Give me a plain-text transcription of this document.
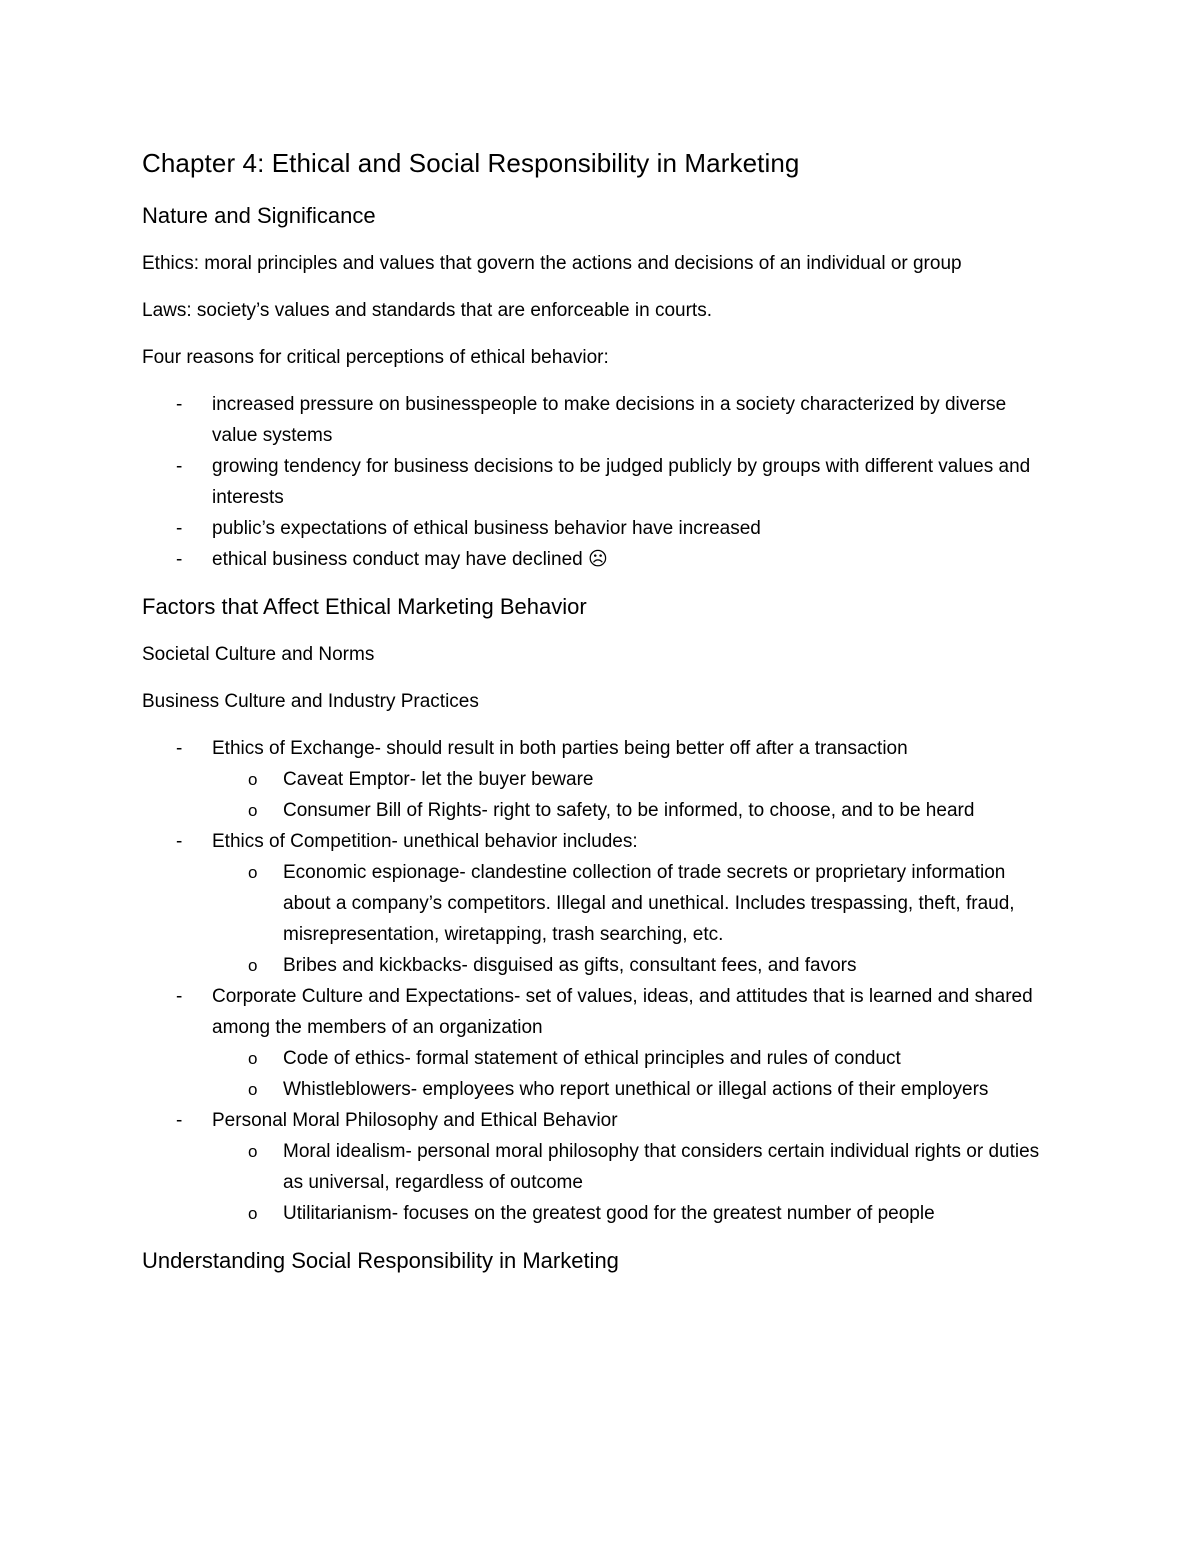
Chapter 4: Ethical and Social Responsibility in Marketing
Nature and Significance

Ethics: moral principles and values that govern the actions and decisions of an individual or group

Laws: society’s values and standards that are enforceable in courts.

Four reasons for critical perceptions of ethical behavior:

- increased pressure on businesspeople to make decisions in a society characterized by diverse value systems
- growing tendency for business decisions to be judged publicly by groups with different values and interests
- public’s expectations of ethical business behavior have increased
- ethical business conduct may have declined ☹
Factors that Affect Ethical Marketing Behavior

Societal Culture and Norms

Business Culture and Industry Practices

- Ethics of Exchange- should result in both parties being better off after a transaction
o Caveat Emptor- let the buyer beware
o Consumer Bill of Rights- right to safety, to be informed, to choose, and to be heard
- Ethics of Competition- unethical behavior includes:
o Economic espionage- clandestine collection of trade secrets or proprietary information about a company’s competitors. Illegal and unethical. Includes trespassing, theft, fraud, misrepresentation, wiretapping, trash searching, etc.
o Bribes and kickbacks- disguised as gifts, consultant fees, and favors
- Corporate Culture and Expectations- set of values, ideas, and attitudes that is learned and shared among the members of an organization
o Code of ethics- formal statement of ethical principles and rules of conduct
o Whistleblowers- employees who report unethical or illegal actions of their employers
- Personal Moral Philosophy and Ethical Behavior
o Moral idealism- personal moral philosophy that considers certain individual rights or duties as universal, regardless of outcome
o Utilitarianism- focuses on the greatest good for the greatest number of people
Understanding Social Responsibility in Marketing
